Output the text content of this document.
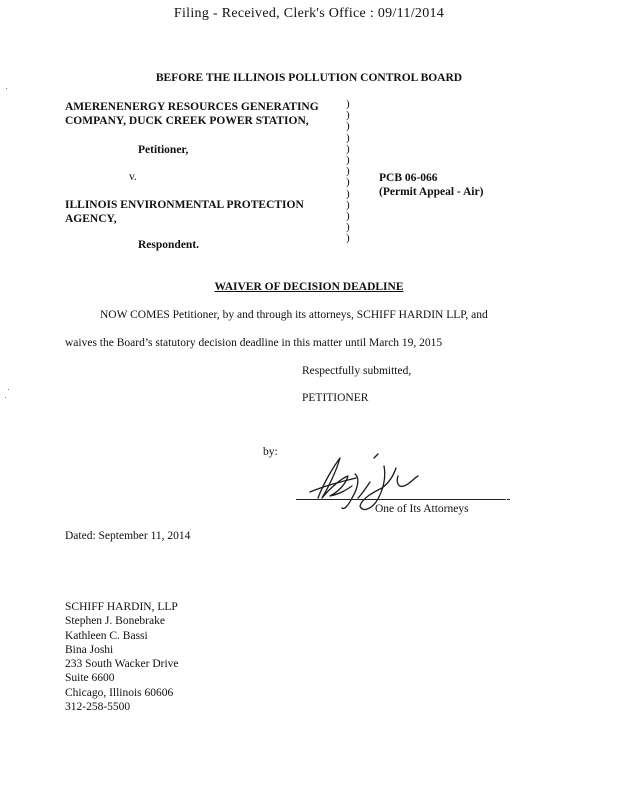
Filing - Received, Clerk's Office : 09/11/2014
BEFORE THE ILLINOIS POLLUTION CONTROL BOARD
AMERENENERGY RESOURCES GENERATING
COMPANY, DUCK CREEK POWER STATION,
Petitioner,
v.
ILLINOIS ENVIRONMENTAL PROTECTION
AGENCY,
Respondent.
)
)
)
)
)
)
)
)
)
)
)
)
)
PCB 06-066
(Permit Appeal - Air)
WAIVER OF DECISION DEADLINE
NOW COMES Petitioner, by and through its attorneys, SCHIFF HARDIN LLP, and
waives the Board’s statutory decision deadline in this matter until March 19, 2015
Respectfully submitted,
PETITIONER
by:
One of Its Attorneys
Dated: September 11, 2014
SCHIFF HARDIN, LLP
Stephen J. Bonebrake
Kathleen C. Bassi
Bina Joshi
233 South Wacker Drive
Suite 6600
Chicago, Illinois 60606
312-258-5500
